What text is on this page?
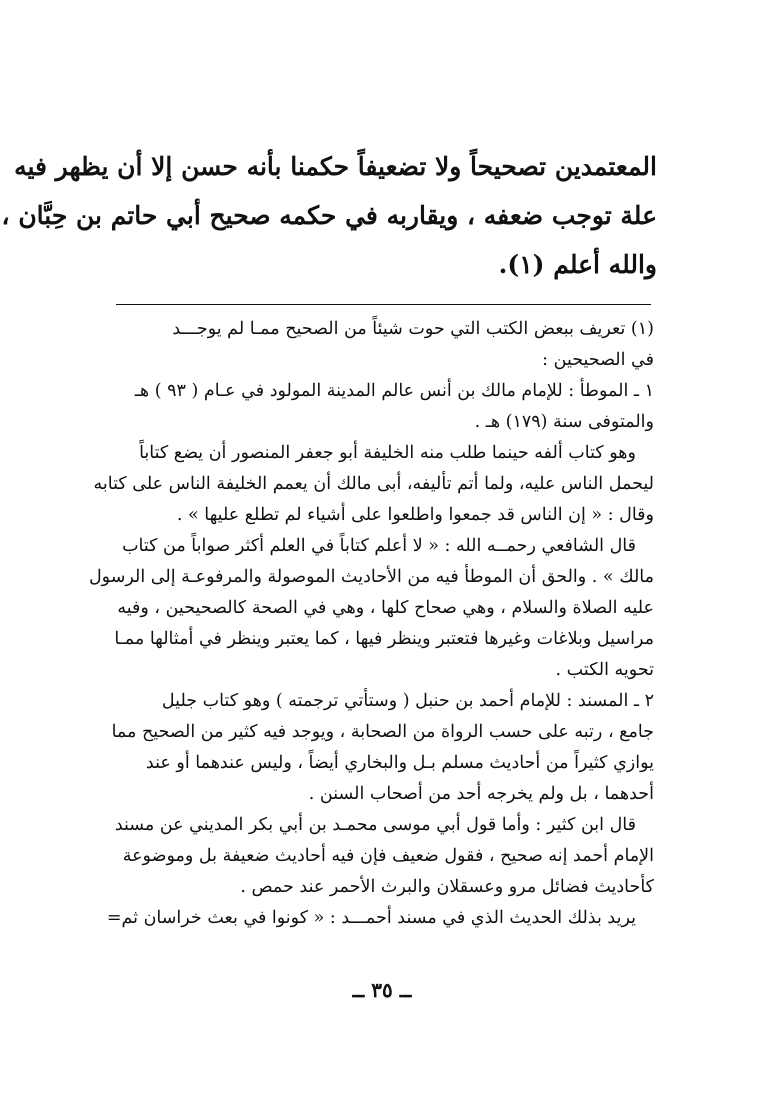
المعتمدين تصحيحاً ولا تضعيفاً حكمنا بأنه حسن إلا أن يظهر فيه
علة توجب ضعفه ، ويقاربه في حكمه صحيح أبي حاتم بن حِبَّان ،
والله أعلم (١).
(١) تعريف ببعض الكتب التي حوت شيئاً من الصحيح ممـا لم يوجـــد
في الصحيحين :
١ ـ الموطأ : للإمام مالك بن أنس عالم المدينة المولود في عـام ( ٩٣ ) هـ
والمتوفى سنة (١٧٩) هـ .
وهو كتاب ألفه حينما طلب منه الخليفة أبو جعفر المنصور أن يضع كتاباً
ليحمل الناس عليه، ولما أتم تأليفه، أبى مالك أن يعمم الخليفة الناس على كتابه
وقال : « إن الناس قد جمعوا واطلعوا على أشياء لم تطلع عليها » .
قال الشافعي رحمــه الله : « لا أعلم كتاباً في العلم أكثر صواباً من كتاب
مالك » . والحق أن الموطأ فيه من الأحاديث الموصولة والمرفوعـة إلى الرسول
عليه الصلاة والسلام ، وهي صحاح كلها ، وهي في الصحة كالصحيحين ، وفيه
مراسيل وبلاغات وغيرها فتعتبر وينظر فيها ، كما يعتبر وينظر في أمثالها ممـا
تحويه الكتب .
٢ ـ المسند : للإمام أحمد بن حنبل ( وستأتي ترجمته ) وهو كتاب جليل
جامع ، رتبه على حسب الرواة من الصحابة ، ويوجد فيه كثير من الصحيح مما
يوازي كثيراً من أحاديث مسلم بـل والبخاري أيضاً ، وليس عندهما أو عند
أحدهما ، بل ولم يخرجه أحد من أصحاب السنن .
قال ابن كثير : وأما قول أبي موسى محمـد بن أبي بكر المديني عن مسند
الإمام أحمد إنه صحيح ، فقول ضعيف فإن فيه أحاديث ضعيفة بل وموضوعة
كأحاديث فضائل مرو وعسقلان والبرث الأحمر عند حمص .
يريد بذلك الحديث الذي في مسند أحمـــد : « كونوا في بعث خراسان ثم=
ــ ٣٥ ــ
